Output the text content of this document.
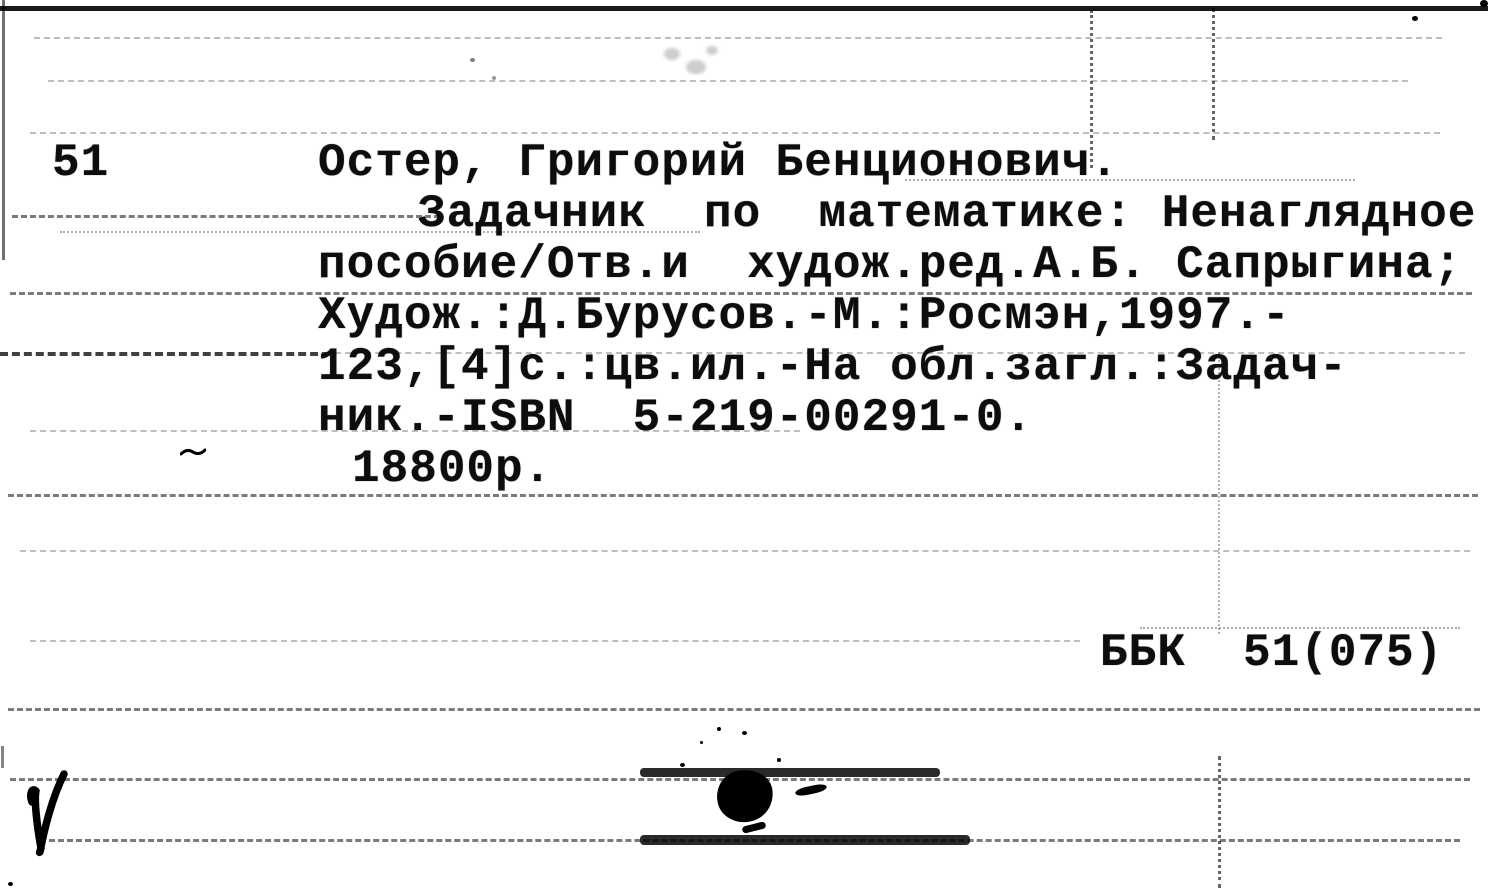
51	Остер, Григорий Бенционович.
Задачник  по  математике: Ненаглядное
пособие/Отв.и  худож.ред.А.Б. Сапрыгина;
Худож.:Д.Бурусов.-М.:Росмэн,1997.-
123,[4]с.:цв.ил.-На обл.загл.:Задач-
ник.-ISBN  5-219-00291-0.
18800р.
ББК  51(075)
